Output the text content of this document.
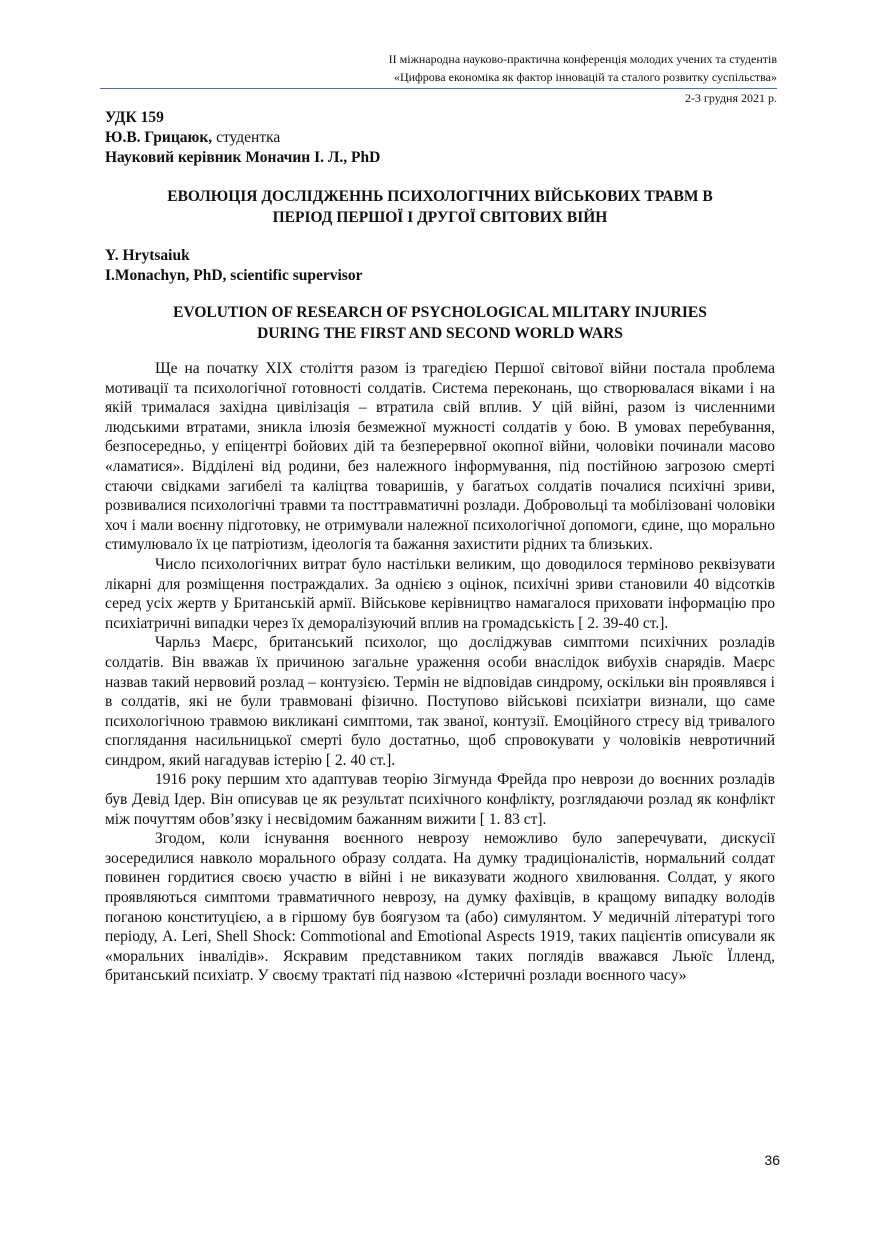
ІІ міжнародна науково-практична конференція молодих учених та студентів
«Цифрова економіка як фактор інновацій та сталого розвитку суспільства»
2-3 грудня 2021 р.
УДК 159
Ю.В. Грицаюк, студентка
Науковий керівник Моначин І. Л., PhD
ЕВОЛЮЦІЯ ДОСЛІДЖЕННЬ ПСИХОЛОГІЧНИХ ВІЙСЬКОВИХ ТРАВМ В
ПЕРІОД ПЕРШОЇ І ДРУГОЇ СВІТОВИХ ВІЙН
Y. Hrytsaiuk
I.Monachyn, PhD, scientific supervisor
EVOLUTION OF RESEARCH OF PSYCHOLOGICAL MILITARY INJURIES
DURING THE FIRST AND SECOND WORLD WARS

Ще на початку XIX століття разом із трагедією Першої світової війни постала проблема мотивації та психологічної готовності солдатів. Система переконань, що створювалася віками і на якій трималася західна цивілізація – втратила свій вплив. У цій війні, разом із численними людськими втратами, зникла ілюзія безмежної мужності солдатів у бою. В умовах перебування, безпосередньо, у епіцентрі бойових дій та безперервної окопної війни, чоловіки починали масово «ламатися». Відділені від родини, без належного інформування, під постійною загрозою смерті стаючи свідками загибелі та каліцтва товаришів, у багатьох солдатів почалися психічні зриви, розвивалися психологічні травми та посттравматичні розлади. Добровольці та мобілізовані чоловіки хоч і мали воєнну підготовку, не отримували належної психологічної допомоги, єдине, що морально стимулювало їх це патріотизм, ідеологія та бажання захистити рідних та близьких.

Число психологічних витрат було настільки великим, що доводилося терміново реквізувати лікарні для розміщення постраждалих. За однією з оцінок, психічні зриви становили 40 відсотків серед усіх жертв у Британській армії. Військове керівництво намагалося приховати інформацію про психіатричні випадки через їх деморалізуючий вплив на громадськість [ 2. 39-40 ст.].

Чарльз Маєрс, британський психолог, що досліджував симптоми психічних розладів солдатів. Він вважав їх причиною загальне ураження особи внаслідок вибухів снарядів. Маєрс назвав такий нервовий розлад – контузією. Термін не відповідав синдрому, оскільки він проявлявся і в солдатів, які не були травмовані фізично. Поступово військові психіатри визнали, що саме психологічною травмою викликані симптоми, так званої, контузії. Емоційного стресу від тривалого споглядання насильницької смерті було достатньо, щоб спровокувати у чоловіків невротичний синдром, який нагадував істерію [ 2. 40 ст.].

1916 року першим хто адаптував теорію Зігмунда Фрейда про неврози до воєнних розладів був Девід Ідер. Він описував це як результат психічного конфлікту, розглядаючи розлад як конфлікт між почуттям обов’язку і несвідомим бажанням вижити [ 1. 83 ст].

Згодом, коли існування воєнного неврозу неможливо було заперечувати, дискусії зосередилися навколо морального образу солдата. На думку традиціоналістів, нормальний солдат повинен гордитися своєю участю в війні і не виказувати жодного хвилювання. Солдат, у якого проявляються симптоми травматичного неврозу, на думку фахівців, в кращому випадку володів поганою конституцією, а в гіршому був боягузом та (або) симулянтом. У медичній літературі того періоду, A. Leri, Shell Shock: Commotional and Emotional Aspects 1919, таких пацієнтів описували як «моральних інвалідів». Яскравим представником таких поглядів вважався Льюїс Їлленд, британський психіатр. У своєму трактаті під назвою «Істеричні розлади воєнного часу»

36
